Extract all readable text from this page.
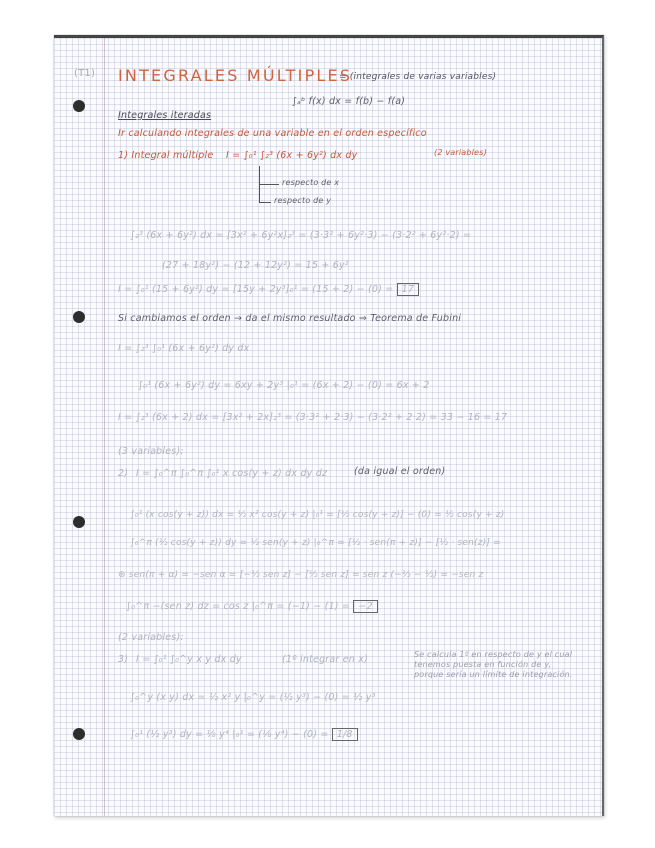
(T1) INTEGRALES MÚLTIPLES
= (integrales de varias variables)
∫ₐᵇ f(x) dx = f(b) − f(a)
Integrales iteradas
Ir calculando integrales de una variable en el orden específico
1) Integral múltiple I = ∫₀¹ ∫₂³ (6x + 6y²) dx dy	(2 variables)
respecto de x
respecto de y
∫₂³ (6x + 6y²) dx = [3x² + 6y²x]₂³ = (3·3² + 6y²·3) − (3·2² + 6y²·2) =
(27 + 18y²) − (12 + 12y²) = 15 + 6y²
I = ∫₀¹ (15 + 6y²) dy = [15y + 2y³]₀¹ = (15 + 2) − (0) = 17
Si cambiamos el orden → da el mismo resultado ⇒ Teorema de Fubini
I = ∫₂³ ∫₀¹ (6x + 6y²) dy dx
∫₀¹ (6x + 6y²) dy = 6xy + 2y³ |₀¹ = (6x + 2) − (0) = 6x + 2
I = ∫₂³ (6x + 2) dx = [3x² + 2x]₂³ = (3·3² + 2·3) − (3·2² + 2·2) = 33 − 16 = 17
(3 variables):
2) I = ∫₀^π ∫₀^π ∫₀¹ x cos(y + z) dx dy dz	(da igual el orden)
∫₀¹ (x cos(y + z)) dx = ½ x² cos(y + z) |₀¹ = [½ cos(y + z)] − (0) = ½ cos(y + z)
∫₀^π (½ cos(y + z)) dy = ½ sen(y + z) |₀^π = [½ · sen(π + z)] − [½ · sen(z)] =
⊛ sen(π + α) = −sen α = [−½ sen z] − [½ sen z] = sen z (−½ − ½) = −sen z
∫₀^π −(sen z) dz = cos z |₀^π = (−1) − (1) = −2
(2 variables):
3) I = ∫₀¹ ∫₀^y x y dx dy	(1º integrar en x)	Se calcula 1º en respecto de y el cual tenemos puesta en función de y, porque sería un límite de integración.
∫₀^y (x y) dx = ½ x² y |₀^y = (½ y³) − (0) = ½ y³
∫₀¹ (½ y³) dy = ⅛ y⁴ |₀¹ = (⅛ y⁴) − (0) = 1/8
